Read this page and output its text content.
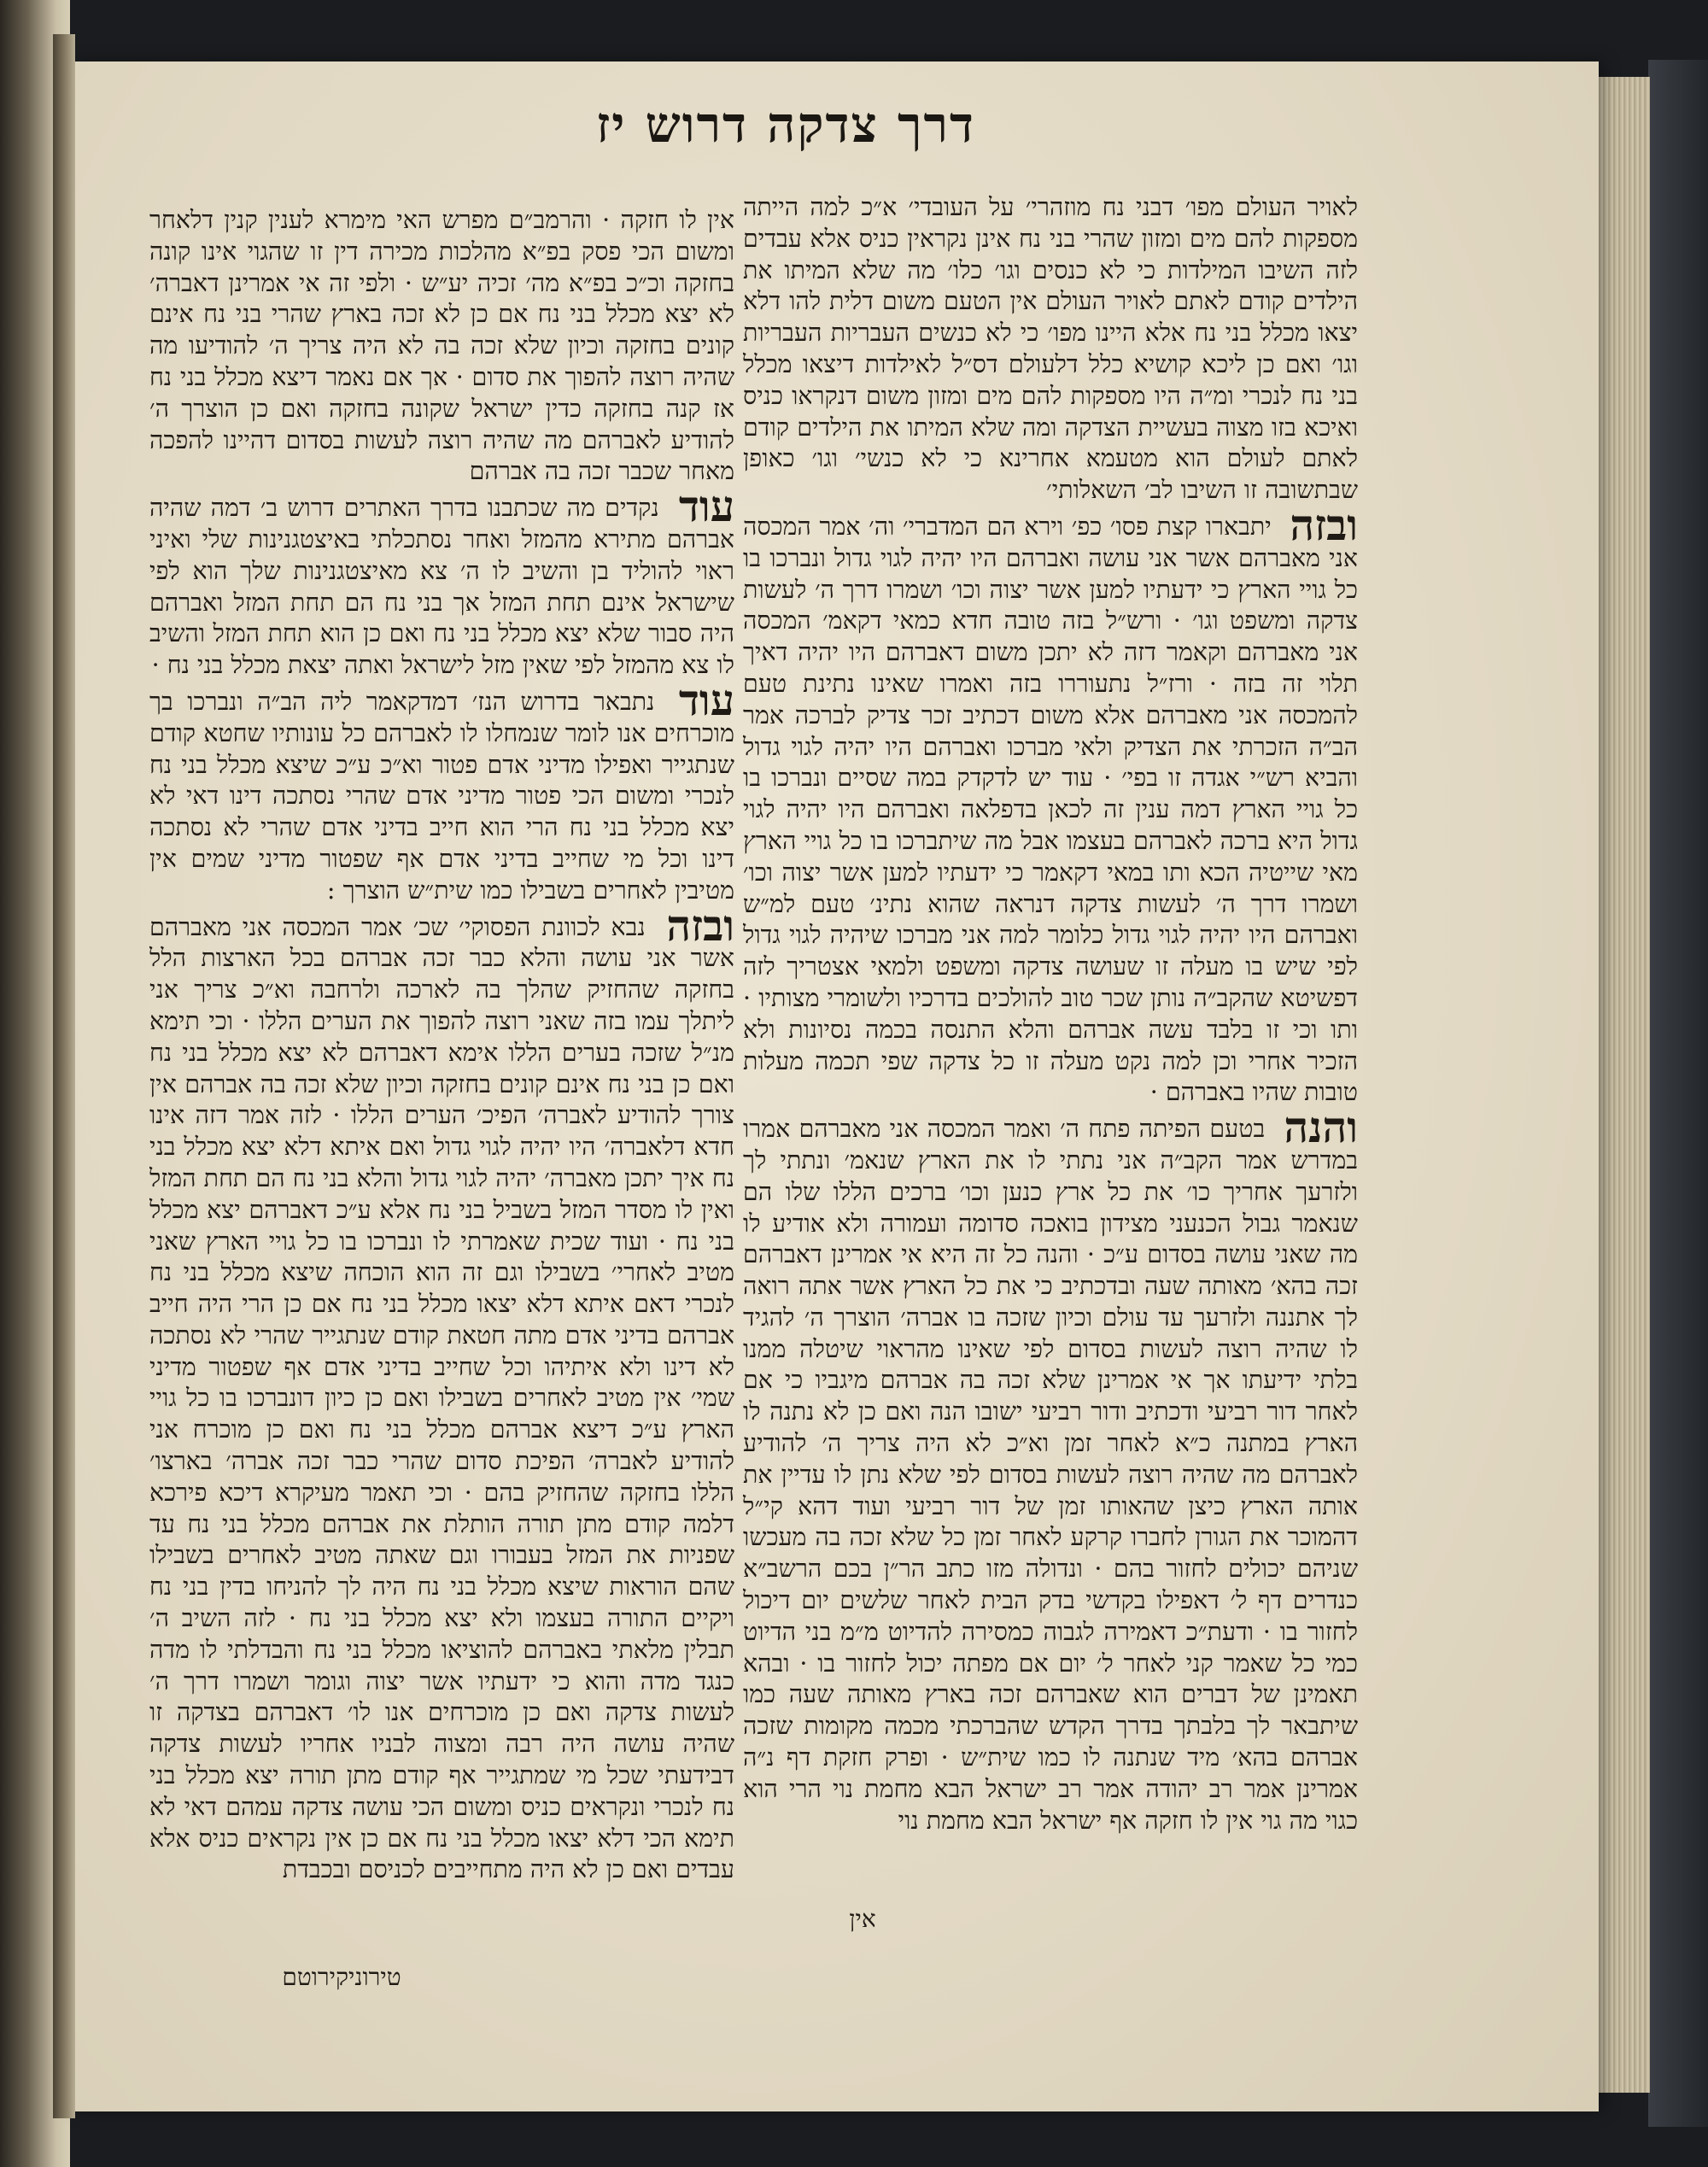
דרך צדקה דרוש יז

לאויר העולם מפו׳ דבני נח מוזהרי׳ על העובדי׳ א״כ למה הייתה מספקות להם מים ומזון שהרי בני נח אינן נקראין כניס אלא עבדים לזה השיבו המילדות כי לא כנסים וגו׳ כלו׳ מה שלא המיתו את הילדים קודם לאתם לאויר העולם אין הטעם משום דלית להו דלא יצאו מכלל בני נח אלא היינו מפו׳ כי לא כנשים העבריות העבריות וגו׳ ואם כן ליכא קושיא כלל דלעולם דס״ל לאילדות דיצאו מכלל בני נח לנכרי ומ״ה היו מספקות להם מים ומזון משום דנקראו כניס ואיכא בזו מצוה בעשיית הצדקה ומה שלא המיתו את הילדים קודם לאתם לעולם הוא מטעמא אחרינא כי לא כנשי׳ וגו׳ כאופן שבתשובה זו השיבו לב׳ השאלותי׳

ובזה יתבארו קצת פסו׳ כפ׳ וירא הם המדברי׳ וה׳ אמר המכסה אני מאברהם אשר אני עושה ואברהם היו יהיה לגוי גדול ונברכו בו כל גויי הארץ כי ידעתיו למען אשר יצוה וכו׳ ושמרו דרך ה׳ לעשות צדקה ומשפט וגו׳ · ורש״ל בזה טובה חדא כמאי דקאמ׳ המכסה אני מאברהם וקאמר דזה לא יתכן משום דאברהם היו יהיה דאיך תלוי זה בזה · ורז״ל נתעוררו בזה ואמרו שאינו נתינת טעם להמכסה אני מאברהם אלא משום דכתיב זכר צדיק לברכה אמר הב״ה הזכרתי את הצדיק ולאי מברכו ואברהם היו יהיה לגוי גדול והביא רש״י אגדה זו בפי׳ · עוד יש לדקדק במה שסיים ונברכו בו כל גויי הארץ דמה ענין זה לכאן בדפלאה ואברהם היו יהיה לגוי גדול היא ברכה לאברהם בעצמו אבל מה שיתברכו בו כל גויי הארץ מאי שייטיה הכא ותו במאי דקאמר כי ידעתיו למען אשר יצוה וכו׳ ושמרו דרך ה׳ לעשות צדקה דנראה שהוא נתינ׳ טעם למ״ש ואברהם היו יהיה לגוי גדול כלומר למה אני מברכו שיהיה לגוי גדול לפי שיש בו מעלה זו שעושה צדקה ומשפט ולמאי אצטריך לזה דפשיטא שהקב״ה נותן שכר טוב להולכים בדרכיו ולשומרי מצותיו · ותו וכי זו בלבד עשה אברהם והלא התנסה בכמה נסיונות ולא הזכיר אחרי וכן למה נקט מעלה זו כל צדקה שפי תכמה מעלות טובות שהיו באברהם ·

והנה בטעם הפיתה פתח ה׳ ואמר המכסה אני מאברהם אמרו במדרש אמר הקב״ה אני נתתי לו את הארץ שנאמ׳ ונתתי לך ולזרעך אחריך כו׳ את כל ארץ כנען וכו׳ ברכים הללו שלו הם שנאמר גבול הכנעני מצידון בואכה סדומה ועמורה ולא אודיע לו מה שאני עושה בסדום ע״כ · והנה כל זה היא אי אמרינן דאברהם זכה בהא׳ מאותה שעה ובדכתיב כי את כל הארץ אשר אתה רואה לך אתננה ולזרעך עד עולם וכיון שזכה בו אברה׳ הוצרך ה׳ להגיד לו שהיה רוצה לעשות בסדום לפי שאינו מהראוי שיטלה ממנו בלתי ידיעתו אך אי אמרינן שלא זכה בה אברהם מיגביו כי אם לאחר דור רביעי ודכתיב ודור רביעי ישובו הנה ואם כן לא נתנה לו הארץ במתנה כ״א לאחר זמן וא״כ לא היה צריך ה׳ להודיע לאברהם מה שהיה רוצה לעשות בסדום לפי שלא נתן לו עדיין את אותה הארץ כיצן שהאותו זמן של דור רביעי ועוד דהא קי״ל דהמוכר את הגורן לחברו קרקע לאחר זמן כל שלא זכה בה מעכשו שניהם יכולים לחזור בהם · ונדולה מזו כתב הר״ן בכם הרשב״א כנדרים דף ל׳ דאפילו בקדשי בדק הבית לאחר שלשים יום דיכול לחזור בו · ודעת״כ דאמירה לגבוה כמסירה להדיוט מ״מ בני הדיוט כמי כל שאמר קני לאחר ל׳ יום אם מפתה יכול לחזור בו · ובהא תאמינן של דברים הוא שאברהם זכה בארץ מאותה שעה כמו שיתבאר לך בלבתך בדרך הקדש שהברכתי מכמה מקומות שזכה אברהם בהא׳ מיד שנתנה לו כמו שית״ש · ופרק חזקת דף נ״ה אמרינן אמר רב יהודה אמר רב ישראל הבא מחמת נוי הרי הוא כגוי מה גוי אין לו חזקה אף ישראל הבא מחמת נוי

אין לו חזקה · והרמב״ם מפרש האי מימרא לענין קנין דלאחר ומשום הכי פסק בפ״א מהלכות מכירה דין זו שהגוי אינו קונה בחזקה וכ״כ בפ״א מה׳ זכיה יע״ש · ולפי זה אי אמרינן דאברה׳ לא יצא מכלל בני נח אם כן לא זכה בארץ שהרי בני נח אינם קונים בחזקה וכיון שלא זכה בה לא היה צריך ה׳ להודיעו מה שהיה רוצה להפוך את סדום · אך אם נאמר דיצא מכלל בני נח אז קנה בחזקה כדין ישראל שקונה בחזקה ואם כן הוצרך ה׳ להודיע לאברהם מה שהיה רוצה לעשות בסדום דהיינו להפכה מאחר שכבר זכה בה אברהם

עוד נקדים מה שכתבנו בדרך האתרים דרוש ב׳ דמה שהיה אברהם מתירא מהמזל ואחר נסתכלתי באיצטגנינות שלי ואיני ראוי להוליד בן והשיב לו ה׳ צא מאיצטגנינות שלך הוא לפי שישראל אינם תחת המזל אך בני נח הם תחת המזל ואברהם היה סבור שלא יצא מכלל בני נח ואם כן הוא תחת המזל והשיב לו צא מהמזל לפי שאין מזל לישראל ואתה יצאת מכלל בני נח ·

עוד נתבאר בדרוש הנז׳ דמדקאמר ליה הב״ה ונברכו בך מוכרחים אנו לומר שנמחלו לו לאברהם כל עונותיו שחטא קודם שנתגייר ואפילו מדיני אדם פטור וא״כ ע״כ שיצא מכלל בני נח לנכרי ומשום הכי פטור מדיני אדם שהרי נסתכה דינו דאי לא יצא מכלל בני נח הרי הוא חייב בדיני אדם שהרי לא נסתכה דינו וכל מי שחייב בדיני אדם אף שפטור מדיני שמים אין מטיבין לאחרים בשבילו כמו שית״ש הוצרך :

ובזה נבא לכוונת הפסוקי׳ שכ׳ אמר המכסה אני מאברהם אשר אני עושה והלא כבר זכה אברהם בכל הארצות הלל בחזקה שהחזיק שהלך בה לארכה ולרחבה וא״כ צריך אני ליתלך עמו בזה שאני רוצה להפוך את הערים הללו · וכי תימא מנ״ל שזכה בערים הללו אימא דאברהם לא יצא מכלל בני נח ואם כן בני נח אינם קונים בחזקה וכיון שלא זכה בה אברהם אין צורך להודיע לאברה׳ הפיכ׳ הערים הללו · לזה אמר דזה אינו חדא דלאברה׳ היו יהיה לגוי גדול ואם איתא דלא יצא מכלל בני נח איך יתכן מאברה׳ יהיה לגוי גדול והלא בני נח הם תחת המזל ואין לו מסדר המזל בשביל בני נח אלא ע״כ דאברהם יצא מכלל בני נח · ועוד שכית שאמרתי לו ונברכו בו כל גויי הארץ שאני מטיב לאחרי׳ בשבילו וגם זה הוא הוכחה שיצא מכלל בני נח לנכרי דאם איתא דלא יצאו מכלל בני נח אם כן הרי היה חייב אברהם בדיני אדם מתה חטאת קודם שנתגייר שהרי לא נסתכה לא דינו ולא איתיהו וכל שחייב בדיני אדם אף שפטור מדיני שמי׳ אין מטיב לאחרים בשבילו ואם כן כיון דונברכו בו כל גויי הארץ ע״כ דיצא אברהם מכלל בני נח ואם כן מוכרח אני להודיע לאברה׳ הפיכת סדום שהרי כבר זכה אברה׳ בארצו׳ הללו בחזקה שהחזיק בהם · וכי תאמר מעיקרא דיכא פירכא דלמה קודם מתן תורה הותלת את אברהם מכלל בני נח עד שפניות את המזל בעבורו וגם שאתה מטיב לאחרים בשבילו שהם הוראות שיצא מכלל בני נח היה לך להניחו בדין בני נח ויקיים התורה בעצמו ולא יצא מכלל בני נח · לזה השיב ה׳ תבלין מלאתי באברהם להוציאו מכלל בני נח והבדלתי לו מדה כנגד מדה והוא כי ידעתיו אשר יצוה וגומר ושמרו דרך ה׳ לעשות צדקה ואם כן מוכרחים אנו לו׳ דאברהם בצדקה זו שהיה עושה היה רבה ומצוה לבניו אחריו לעשות צדקה דבידעתי שכל מי שמתגייר אף קודם מתן תורה יצא מכלל בני נח לנכרי ונקראים כניס ומשום הכי עושה צדקה עמהם דאי לא תימא הכי דלא יצאו מכלל בני נח אם כן אין נקראים כניס אלא עבדים ואם כן לא היה מתחייבים לכניסם ובכבדת

אין
טירוניקירוטם
